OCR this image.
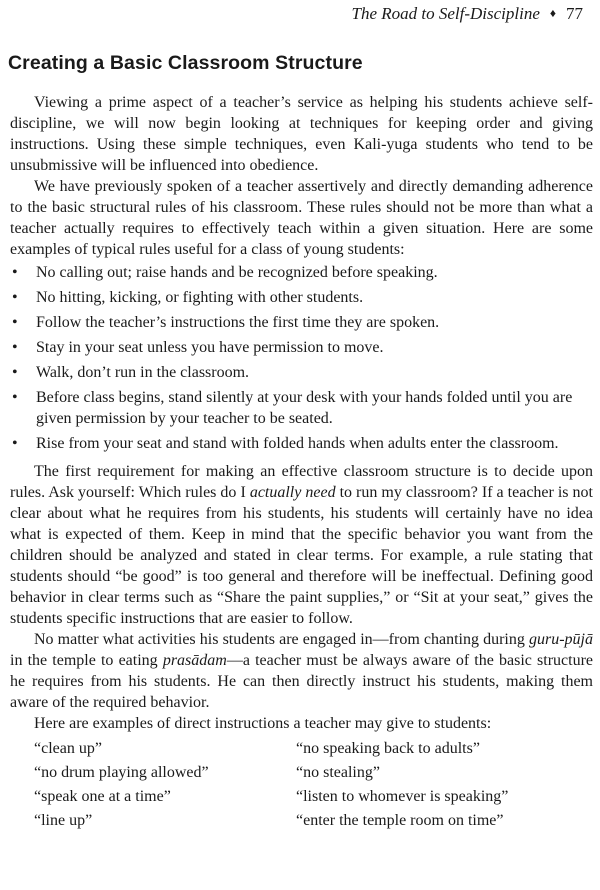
The Road to Self-Discipline ♦ 77
Creating a Basic Classroom Structure

Viewing a prime aspect of a teacher’s service as helping his students achieve self-discipline, we will now begin looking at techniques for keeping order and giving instructions. Using these simple techniques, even Kali-yuga students who tend to be unsubmissive will be influenced into obedience.

We have previously spoken of a teacher assertively and directly demanding adherence to the basic structural rules of his classroom. These rules should not be more than what a teacher actually requires to effectively teach within a given situation. Here are some examples of typical rules useful for a class of young students:

• No calling out; raise hands and be recognized before speaking.
• No hitting, kicking, or fighting with other students.
• Follow the teacher’s instructions the first time they are spoken.
• Stay in your seat unless you have permission to move.
• Walk, don’t run in the classroom.
• Before class begins, stand silently at your desk with your hands folded until you are given permission by your teacher to be seated.
• Rise from your seat and stand with folded hands when adults enter the classroom.

The first requirement for making an effective classroom structure is to decide upon rules. Ask yourself: Which rules do I actually need to run my classroom? If a teacher is not clear about what he requires from his students, his students will certainly have no idea what is expected of them. Keep in mind that the specific behavior you want from the children should be analyzed and stated in clear terms. For example, a rule stating that students should “be good” is too general and therefore will be ineffectual. Defining good behavior in clear terms such as “Share the paint supplies,” or “Sit at your seat,” gives the students specific instructions that are easier to follow.

No matter what activities his students are engaged in—from chanting during guru-pūjā in the temple to eating prasādam—a teacher must be always aware of the basic structure he requires from his students. He can then directly instruct his students, making them aware of the required behavior.

Here are examples of direct instructions a teacher may give to students:

“clean up”	“no speaking back to adults”
“no drum playing allowed”	“no stealing”
“speak one at a time”	“listen to whomever is speaking”
“line up”	“enter the temple room on time”
